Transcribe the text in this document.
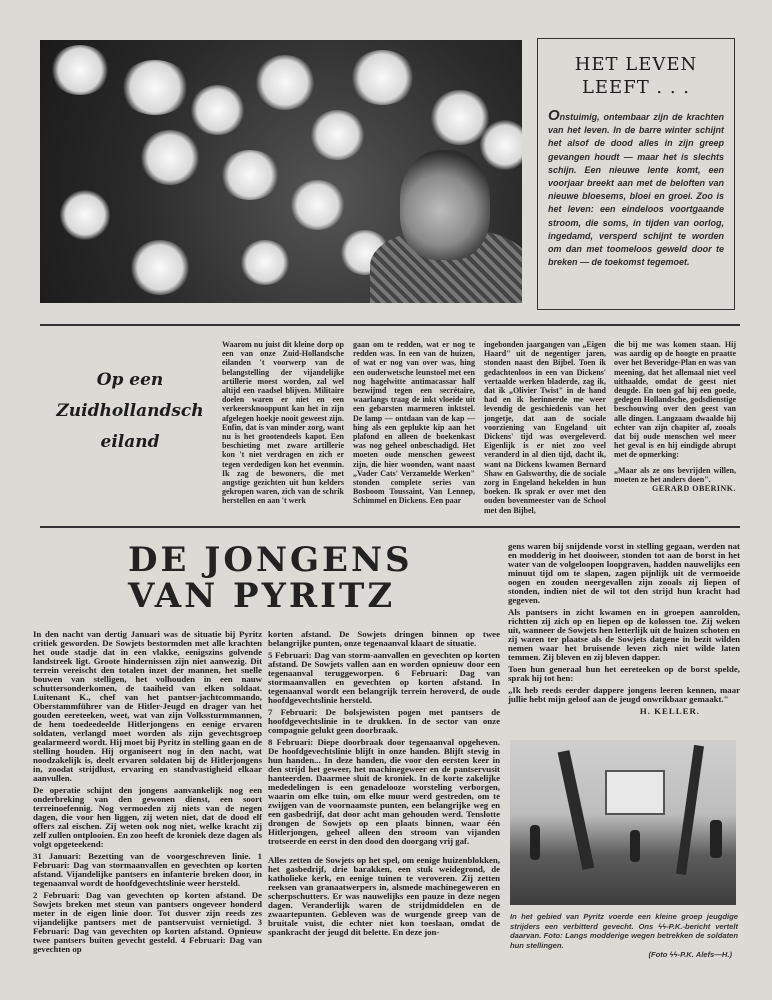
HET LEVEN
LEEFT . . .

Onstuimig, ontembaar zijn de krachten van het leven. In de barre winter schijnt het alsof de dood alles in zijn greep gevangen houdt — maar het is slechts schijn. Een nieuwe lente komt, een voorjaar breekt aan met de beloften van nieuwe bloesems, bloei en groei. Zoo is het leven: een eindeloos voortgaande stroom, die soms, in tijden van oorlog, ingedamd, versperd schijnt te worden om dan met toomeloos geweld door te breken — de toekomst tegemoet.

Op een
Zuidhollandsch
eiland

Waarom nu juist dit kleine dorp op een van onze Zuid-Hollandsche eilanden 't voorwerp van de belangstelling der vijandelijke artillerie moest worden, zal wel altijd een raadsel blijven. Militaire doelen waren er niet en een verkeersknooppunt kan het in zijn afgelegen hoekje nooit geweest zijn. Enfin, dat is van minder zorg, want nu is het grootendeels kapot. Een beschieting met zware artillerie kon 't niet verdragen en zich er tegen verdedigen kon het evenmin. Ik zag de bewoners, die met angstige gezichten uit hun kelders gekropen waren, zich van de schrik herstellen en aan 't werk

gaan om te redden, wat er nog te redden was. In een van de huizen, of wat er nog van over was, hing een ouderwetsche leunstoel met een nog hagelwitte antimacassar half bezwijmd tegen een secrétaire, waarlangs traag de inkt vloeide uit een gebarsten marmeren inktstel. De lamp — ontdaan van de kap — hing als een geplukte kip aan het plafond en alleen de boekenkast was nog geheel onbeschadigd. Het moeten oude menschen geweest zijn, die hier woonden, want naast „Vader Cats' Verzamelde Werken" stonden complete series van Bosboom Toussaint, Van Lennep, Schimmel en Dickens. Een paar

ingebonden jaargangen van „Eigen Haard" uit de negentiger jaren, stonden naast den Bijbel. Toen ik gedachtenloos in een van Dickens' vertaalde werken bladerde, zag ik, dat ik „Olivier Twist" in de hand had en ik herinnerde me weer levendig de geschiedenis van het jongetje, dat aan de sociale voorziening van Engeland uit Dickens' tijd was overgeleverd. Eigenlijk is er niet zoo veel veranderd in al dien tijd, dacht ik, want na Dickens kwamen Bernard Shaw en Galsworthy, die de sociale zorg in Engeland hekelden in hun boeken. Ik sprak er over met den ouden bovenmeester van de School met den Bijbel,

die bij me was komen staan. Hij was aardig op de hoogte en praatte over het Beveridge-Plan en was van meening, dat het allemaal niet veel uithaalde, omdat de geest niet deugde. En toen gaf hij een goede, gedegen Hollandsche, godsdienstige beschouwing over den geest van alle dingen. Langzaam dwaalde hij echter van zijn chapiter af, zooals dat bij oude menschen wel meer het geval is en hij eindigde abrupt met de opmerking:

„Maar als ze ons bevrijden willen, moeten ze het anders doen".

GERARD OBERINK.

DE JONGENS
VAN PYRITZ

In den nacht van dertig Januari was de situatie bij Pyritz critiek geworden. De Sowjets bestormden met alle krachten het oude stadje dat in een vlakke, eenigszins golvende landstreek ligt. Groote hindernissen zijn niet aanwezig. Dit terrein vereischt den totalen inzet der mannen, het snelle bouwen van stelligen, het volhouden in een nauw schuttersonderkomen, de taaiheid van elken soldaat. Luitenant K., chef van het pantser-jachtcommando, Oberstammführer van de Hitler-Jeugd en drager van het gouden eereteeken, weet, wat van zijn Volkssturmmannen, de hem toedeedeelde Hitlerjongens en eenige ervaren soldaten, verlangd moet worden als zijn gevechtsgroep gealarmeerd wordt. Hij moet bij Pyritz in stelling gaan en de stelling houden. Hij organiseert nog in den nacht, wat noodzakelijk is, deelt ervaren soldaten bij de Hitlerjongens in, zoodat strijdlust, ervaring en standvastigheid elkaar aanvullen.

De operatie schijnt den jongens aanvankelijk nog een onderbreking van den gewonen dienst, een soort terreinoefennig. Nog vermoeden zij niets van de negen dagen, die voor hen liggen, zij weten niet, dat de dood elf offers zal eischen. Zij weten ook nog niet, welke kracht zij zelf zullen ontplooien. En zoo heeft de kroniek deze dagen als volgt opgeteekend:

31 Januari: Bezetting van de voorgeschreven linie. 1 Februari: Dag van stormaanvallen en gevechten op korten afstand. Vijandelijke pantsers en infanterie breken door, in tegenaanval wordt de hoofdgevechtslinie weer hersteld.

2 Februari: Dag van gevechten op korten afstand. De Sowjets breken met steun van pantsers ongeveer honderd meter in de eigen linie door. Tot dusver zijn reeds zes vijandelijke pantsers met de pantservuist vernietigd. 3 Februari: Dag van gevechten op korten afstand. Opnieuw twee pantsers buiten gevecht gesteld. 4 Februari: Dag van gevechten op

korten afstand. De Sowjets dringen binnen op twee belangrijke punten, onze tegenaanval klaart de situatie.

5 Februari: Dag van storm-aanvallen en gevechten op korten afstand. De Sowjets vallen aan en worden opnieuw door een tegenaanval teruggeworpen. 6 Februari: Dag van stormaanvallen en gevechten op korten afstand. In tegenaanval wordt een belangrijk terrein heroverd, de oude hoofdgevechtslinie hersteld.

7 Februari: De bolsjewisten pogen met pantsers de hoofdgevechtslinie in te drukken. In de sector van onze compagnie gelukt geen doorbraak.

8 Februari: Diepe doorbraak door tegenaanval opgeheven. De hoofdgevechtslinie blijft in onze handen. Blijft stevig in hun handen... In deze handen, die voor den eersten keer in den strijd het geweer, het machinegeweer en de pantservusit hanteerden. Daarmee sluit de kroniek. In de korte zakelijke mededelingen is een genadelooze worsteling verborgen, waarin om elke tuin, om elke muur werd gestreden, om te zwijgen van de voornaamste punten, een belangrijke weg en een gasbedrijf, dat door acht man gehouden werd. Tenslotte drongen de Sowjets op een plaats binnen, waar één Hitlerjongen, geheel alleen den stroom van vijanden trotseerde en eerst in den dood den doorgang vrij gaf.

Alles zetten de Sowjets op het spel, om eenige huizenblokken, het gasbedrijf, drie barakken, een stuk weidegrond, de katholieke kerk, en eenige tuinen te veroveren. Zij zetten reeksen van granaatwerpers in, alsmede machinegeweren en scherpschutters. Er was nauwelijks een pauze in deze negen dagen. Veranderlijk waren de strijdmiddelen en de zwaartepunten. Gebleven was de wurgende greep van de bruitale vuist, die echter niet kon toeslaan, omdat de spankracht der jeugd dit belette. En deze jon-

gens waren bij snijdende vorst in stelling gegaan, werden nat en modderig in het dooiweer, stonden tot aan de borst in het water van de volgeloopen loopgraven, hadden nauwelijks een minuut tijd om te slapen, zagen pijnlijk uit de vermoeide oogen en zouden neergevallen zijn zooals zij liepen of stonden, indien niet de wil tot den strijd hun kracht had gegeven.

Als pantsers in zicht kwamen en in groepen aanrolden, richtten zij zich op en liepen op de kolossen toe. Zij weken uit, wanneer de Sowjets hen letterlijk uit de huizen schoten en zij waren ter plaatse als de Sowjets datgene in bezit wilden nemen waar het bruisende leven zich niet wilde laten temmen. Zij bleven en zij bleven dapper.

Toen hun generaal hun het eereteeken op de borst spelde, sprak hij tot hen:

„Ik heb reeds eerder dappere jongens leeren kennen, maar jullie hebt mijn geloof aan de jeugd onwrikbaar gemaakt."

H. KELLER.

In het gebied van Pyritz voerde een kleine groep jeugdige strijders een verbitterd gevecht. Ons ϟϟ-P.K.-bericht vertelt daarvan. Foto: Langs modderige wegen betrekken de soldaten hun stellingen.
(Foto ϟϟ-P.K. Alefs—H.)
